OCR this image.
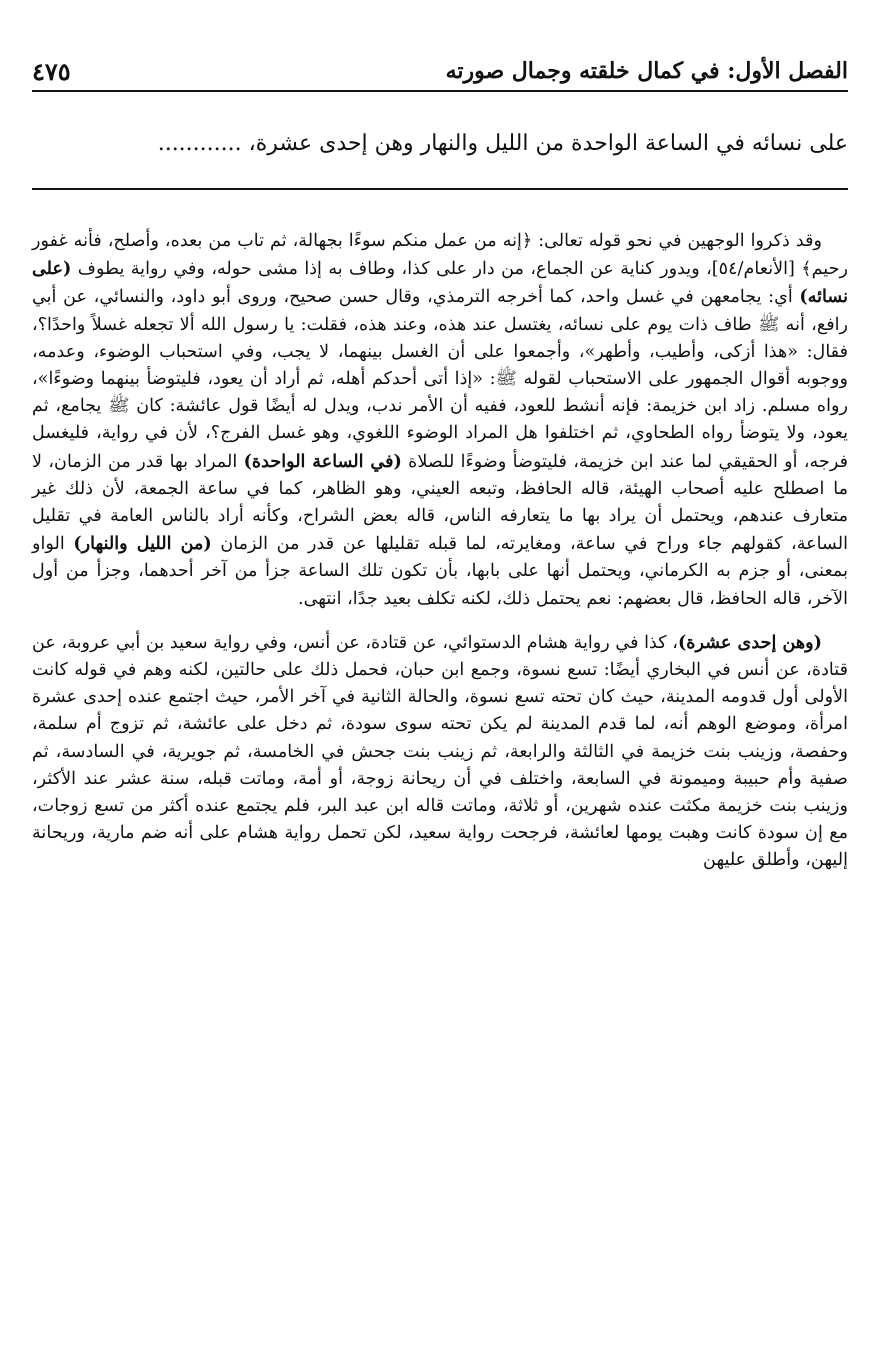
الفصل الأول: في كمال خلقته وجمال صورته
٤٧٥
على نسائه في الساعة الواحدة من الليل والنهار وهن إحدى عشرة، ............

وقد ذكروا الوجهين في نحو قوله تعالى: ﴿إنه من عمل منكم سوءًا بجهالة، ثم تاب من بعده، وأصلح، فأنه غفور رحيم﴾ [الأنعام/٥٤]، ويدور كناية عن الجماع، من دار على كذا، وطاف به إذا مشى حوله، وفي رواية يطوف (على نسائه) أي: يجامعهن في غسل واحد، كما أخرجه الترمذي، وقال حسن صحيح، وروى أبو داود، والنسائي، عن أبي رافع، أنه ﷺ طاف ذات يوم على نسائه، يغتسل عند هذه، وعند هذه، فقلت: يا رسول الله ألا تجعله غسلاً واحدًا؟، فقال: «هذا أزكى، وأطيب، وأطهر»، وأجمعوا على أن الغسل بينهما، لا يجب، وفي استحباب الوضوء، وعدمه، ووجوبه أقوال الجمهور على الاستحباب لقوله ﷺ: «إذا أتى أحدكم أهله، ثم أراد أن يعود، فليتوضأ بينهما وضوءًا»، رواه مسلم. زاد ابن خزيمة: فإنه أنشط للعود، ففيه أن الأمر ندب، ويدل له أيضًا قول عائشة: كان ﷺ يجامع، ثم يعود، ولا يتوضأ رواه الطحاوي، ثم اختلفوا هل المراد الوضوء اللغوي، وهو غسل الفرج؟، لأن في رواية، فليغسل فرجه، أو الحقيقي لما عند ابن خزيمة، فليتوضأ وضوءًا للصلاة (في الساعة الواحدة) المراد بها قدر من الزمان، لا ما اصطلح عليه أصحاب الهيئة، قاله الحافظ، وتبعه العيني، وهو الظاهر، كما في ساعة الجمعة، لأن ذلك غير متعارف عندهم، ويحتمل أن يراد بها ما يتعارفه الناس، قاله بعض الشراح، وكأنه أراد بالناس العامة في تقليل الساعة، كقولهم جاء وراح في ساعة، ومغايرته، لما قبله تقليلها عن قدر من الزمان (من الليل والنهار) الواو بمعنى، أو جزم به الكرماني، ويحتمل أنها على بابها، بأن تكون تلك الساعة جزأ من آخر أحدهما، وجزأ من أول الآخر، قاله الحافظ، قال بعضهم: نعم يحتمل ذلك، لكنه تكلف بعيد جدًا، انتهى.

(وهن إحدى عشرة)، كذا في رواية هشام الدستوائي، عن قتادة، عن أنس، وفي رواية سعيد بن أبي عروبة، عن قتادة، عن أنس في البخاري أيضًا: تسع نسوة، وجمع ابن حبان، فحمل ذلك على حالتين، لكنه وهم في قوله كانت الأولى أول قدومه المدينة، حيث كان تحته تسع نسوة، والحالة الثانية في آخر الأمر، حيث اجتمع عنده إحدى عشرة امرأة، وموضع الوهم أنه، لما قدم المدينة لم يكن تحته سوى سودة، ثم دخل على عائشة، ثم تزوج أم سلمة، وحفصة، وزينب بنت خزيمة في الثالثة والرابعة، ثم زينب بنت جحش في الخامسة، ثم جويرية، في السادسة، ثم صفية وأم حبيبة وميمونة في السابعة، واختلف في أن ريحانة زوجة، أو أمة، وماتت قبله، سنة عشر عند الأكثر، وزينب بنت خزيمة مكثت عنده شهرين، أو ثلاثة، وماتت قاله ابن عبد البر، فلم يجتمع عنده أكثر من تسع زوجات، مع إن سودة كانت وهبت يومها لعائشة، فرجحت رواية سعيد، لكن تحمل رواية هشام على أنه ضم مارية، وريحانة إليهن، وأطلق عليهن
